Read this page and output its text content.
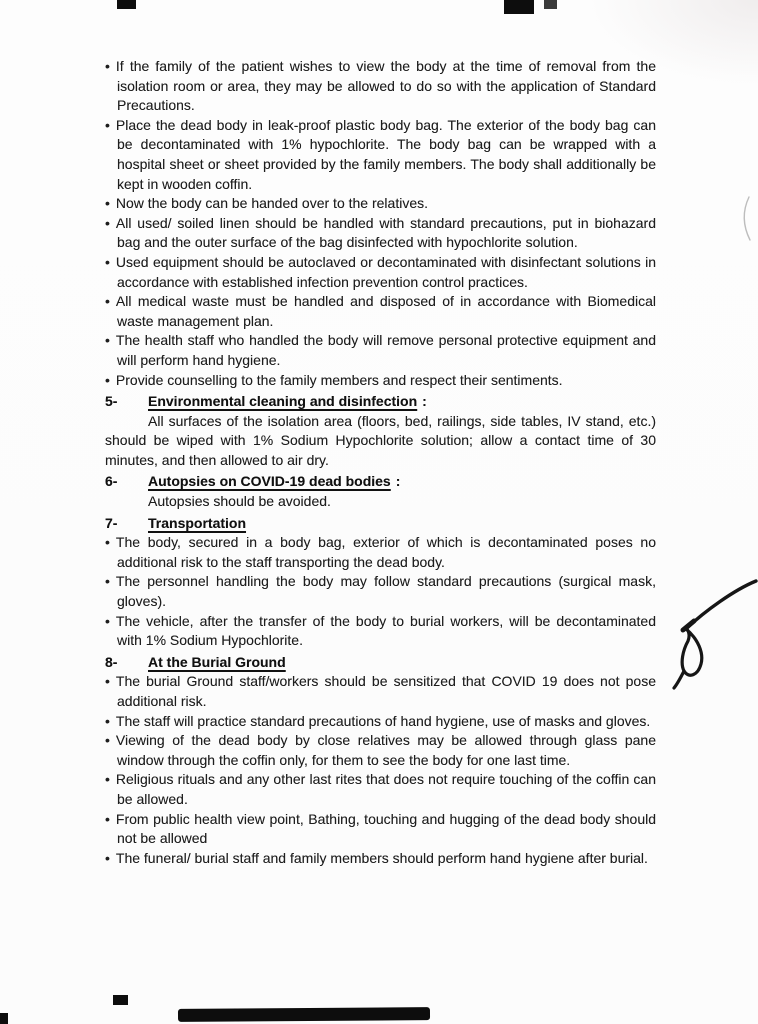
• If the family of the patient wishes to view the body at the time of removal from the isolation room or area, they may be allowed to do so with the application of Standard Precautions.

• Place the dead body in leak-proof plastic body bag. The exterior of the body bag can be decontaminated with 1% hypochlorite. The body bag can be wrapped with a hospital sheet or sheet provided by the family members. The body shall additionally be kept in wooden coffin.

• Now the body can be handed over to the relatives.

• All used/ soiled linen should be handled with standard precautions, put in biohazard bag and the outer surface of the bag disinfected with hypochlorite solution.

• Used equipment should be autoclaved or decontaminated with disinfectant solutions in accordance with established infection prevention control practices.

• All medical waste must be handled and disposed of in accordance with Biomedical waste management plan.

• The health staff who handled the body will remove personal protective equipment and will perform hand hygiene.

• Provide counselling to the family members and respect their sentiments.

5- Environmental cleaning and disinfection :

All surfaces of the isolation area (floors, bed, railings, side tables, IV stand, etc.) should be wiped with 1% Sodium Hypochlorite solution; allow a contact time of 30 minutes, and then allowed to air dry.

6- Autopsies on COVID-19 dead bodies :

Autopsies should be avoided.

7- Transportation

• The body, secured in a body bag, exterior of which is decontaminated poses no additional risk to the staff transporting the dead body.

• The personnel handling the body may follow standard precautions (surgical mask, gloves).

• The vehicle, after the transfer of the body to burial workers, will be decontaminated with 1% Sodium Hypochlorite.

8- At the Burial Ground

• The burial Ground staff/workers should be sensitized that COVID 19 does not pose additional risk.

• The staff will practice standard precautions of hand hygiene, use of masks and gloves.

• Viewing of the dead body by close relatives may be allowed through glass pane window through the coffin only, for them to see the body for one last time.

• Religious rituals and any other last rites that does not require touching of the coffin can be allowed.

• From public health view point, Bathing, touching and hugging of the dead body should not be allowed

• The funeral/ burial staff and family members should perform hand hygiene after burial.
